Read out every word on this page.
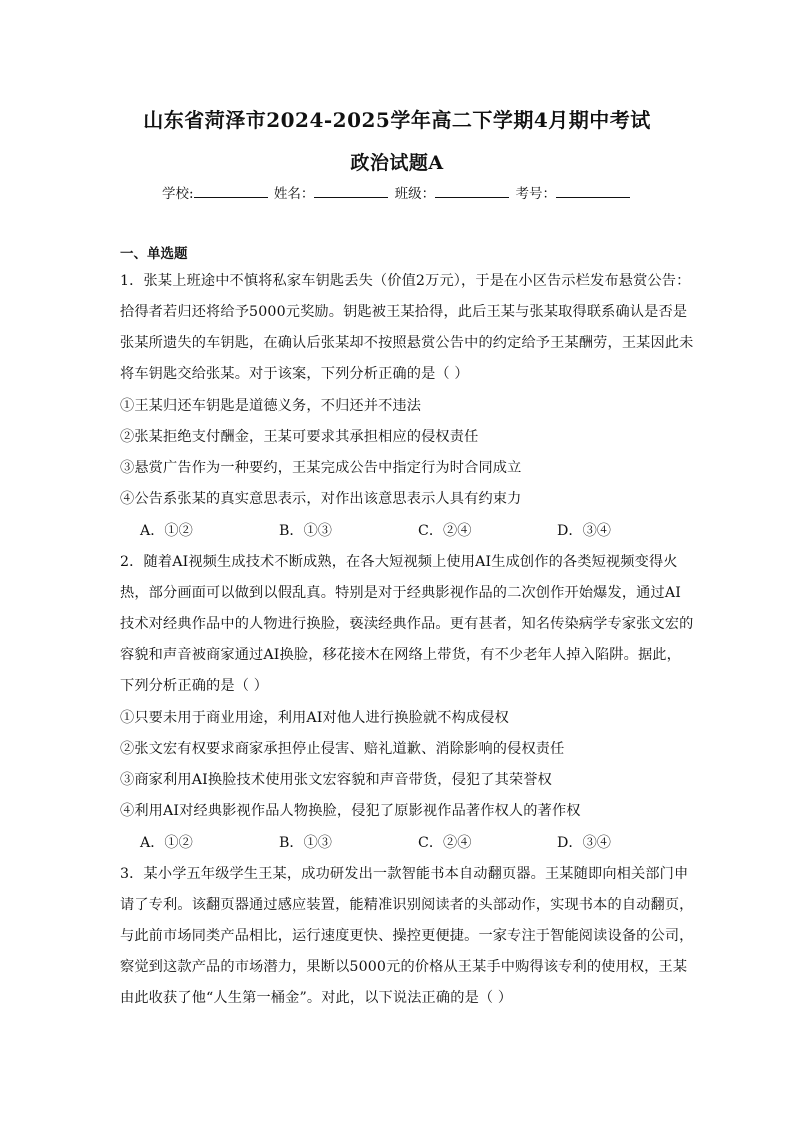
山东省菏泽市2024-2025学年高二下学期4月期中考试
政治试题A
学校:	姓名：	班级：	考号：
一、单选题
1．张某上班途中不慎将私家车钥匙丢失（价值2万元），于是在小区告示栏发布悬赏公告：
拾得者若归还将给予5000元奖励。钥匙被王某拾得，此后王某与张某取得联系确认是否是
张某所遗失的车钥匙，在确认后张某却不按照悬赏公告中的约定给予王某酬劳，王某因此未
将车钥匙交给张某。对于该案，下列分析正确的是（ ）
①王某归还车钥匙是道德义务，不归还并不违法
②张某拒绝支付酬金，王某可要求其承担相应的侵权责任
③悬赏广告作为一种要约，王某完成公告中指定行为时合同成立
④公告系张某的真实意思表示，对作出该意思表示人具有约束力
A．①②	B．①③	C．②④	D．③④
2．随着AI视频生成技术不断成熟，在各大短视频上使用AI生成创作的各类短视频变得火
热，部分画面可以做到以假乱真。特别是对于经典影视作品的二次创作开始爆发，通过AI
技术对经典作品中的人物进行换脸，亵渎经典作品。更有甚者，知名传染病学专家张文宏的
容貌和声音被商家通过AI换脸，移花接木在网络上带货，有不少老年人掉入陷阱。据此，
下列分析正确的是（ ）
①只要未用于商业用途，利用AI对他人进行换脸就不构成侵权
②张文宏有权要求商家承担停止侵害、赔礼道歉、消除影响的侵权责任
③商家利用AI换脸技术使用张文宏容貌和声音带货，侵犯了其荣誉权
④利用AI对经典影视作品人物换脸，侵犯了原影视作品著作权人的著作权
A．①②	B．①③	C．②④	D．③④
3．某小学五年级学生王某，成功研发出一款智能书本自动翻页器。王某随即向相关部门申
请了专利。该翻页器通过感应装置，能精准识别阅读者的头部动作，实现书本的自动翻页，
与此前市场同类产品相比，运行速度更快、操控更便捷。一家专注于智能阅读设备的公司，
察觉到这款产品的市场潜力，果断以5000元的价格从王某手中购得该专利的使用权，王某
由此收获了他“人生第一桶金”。对此，以下说法正确的是（ ）
